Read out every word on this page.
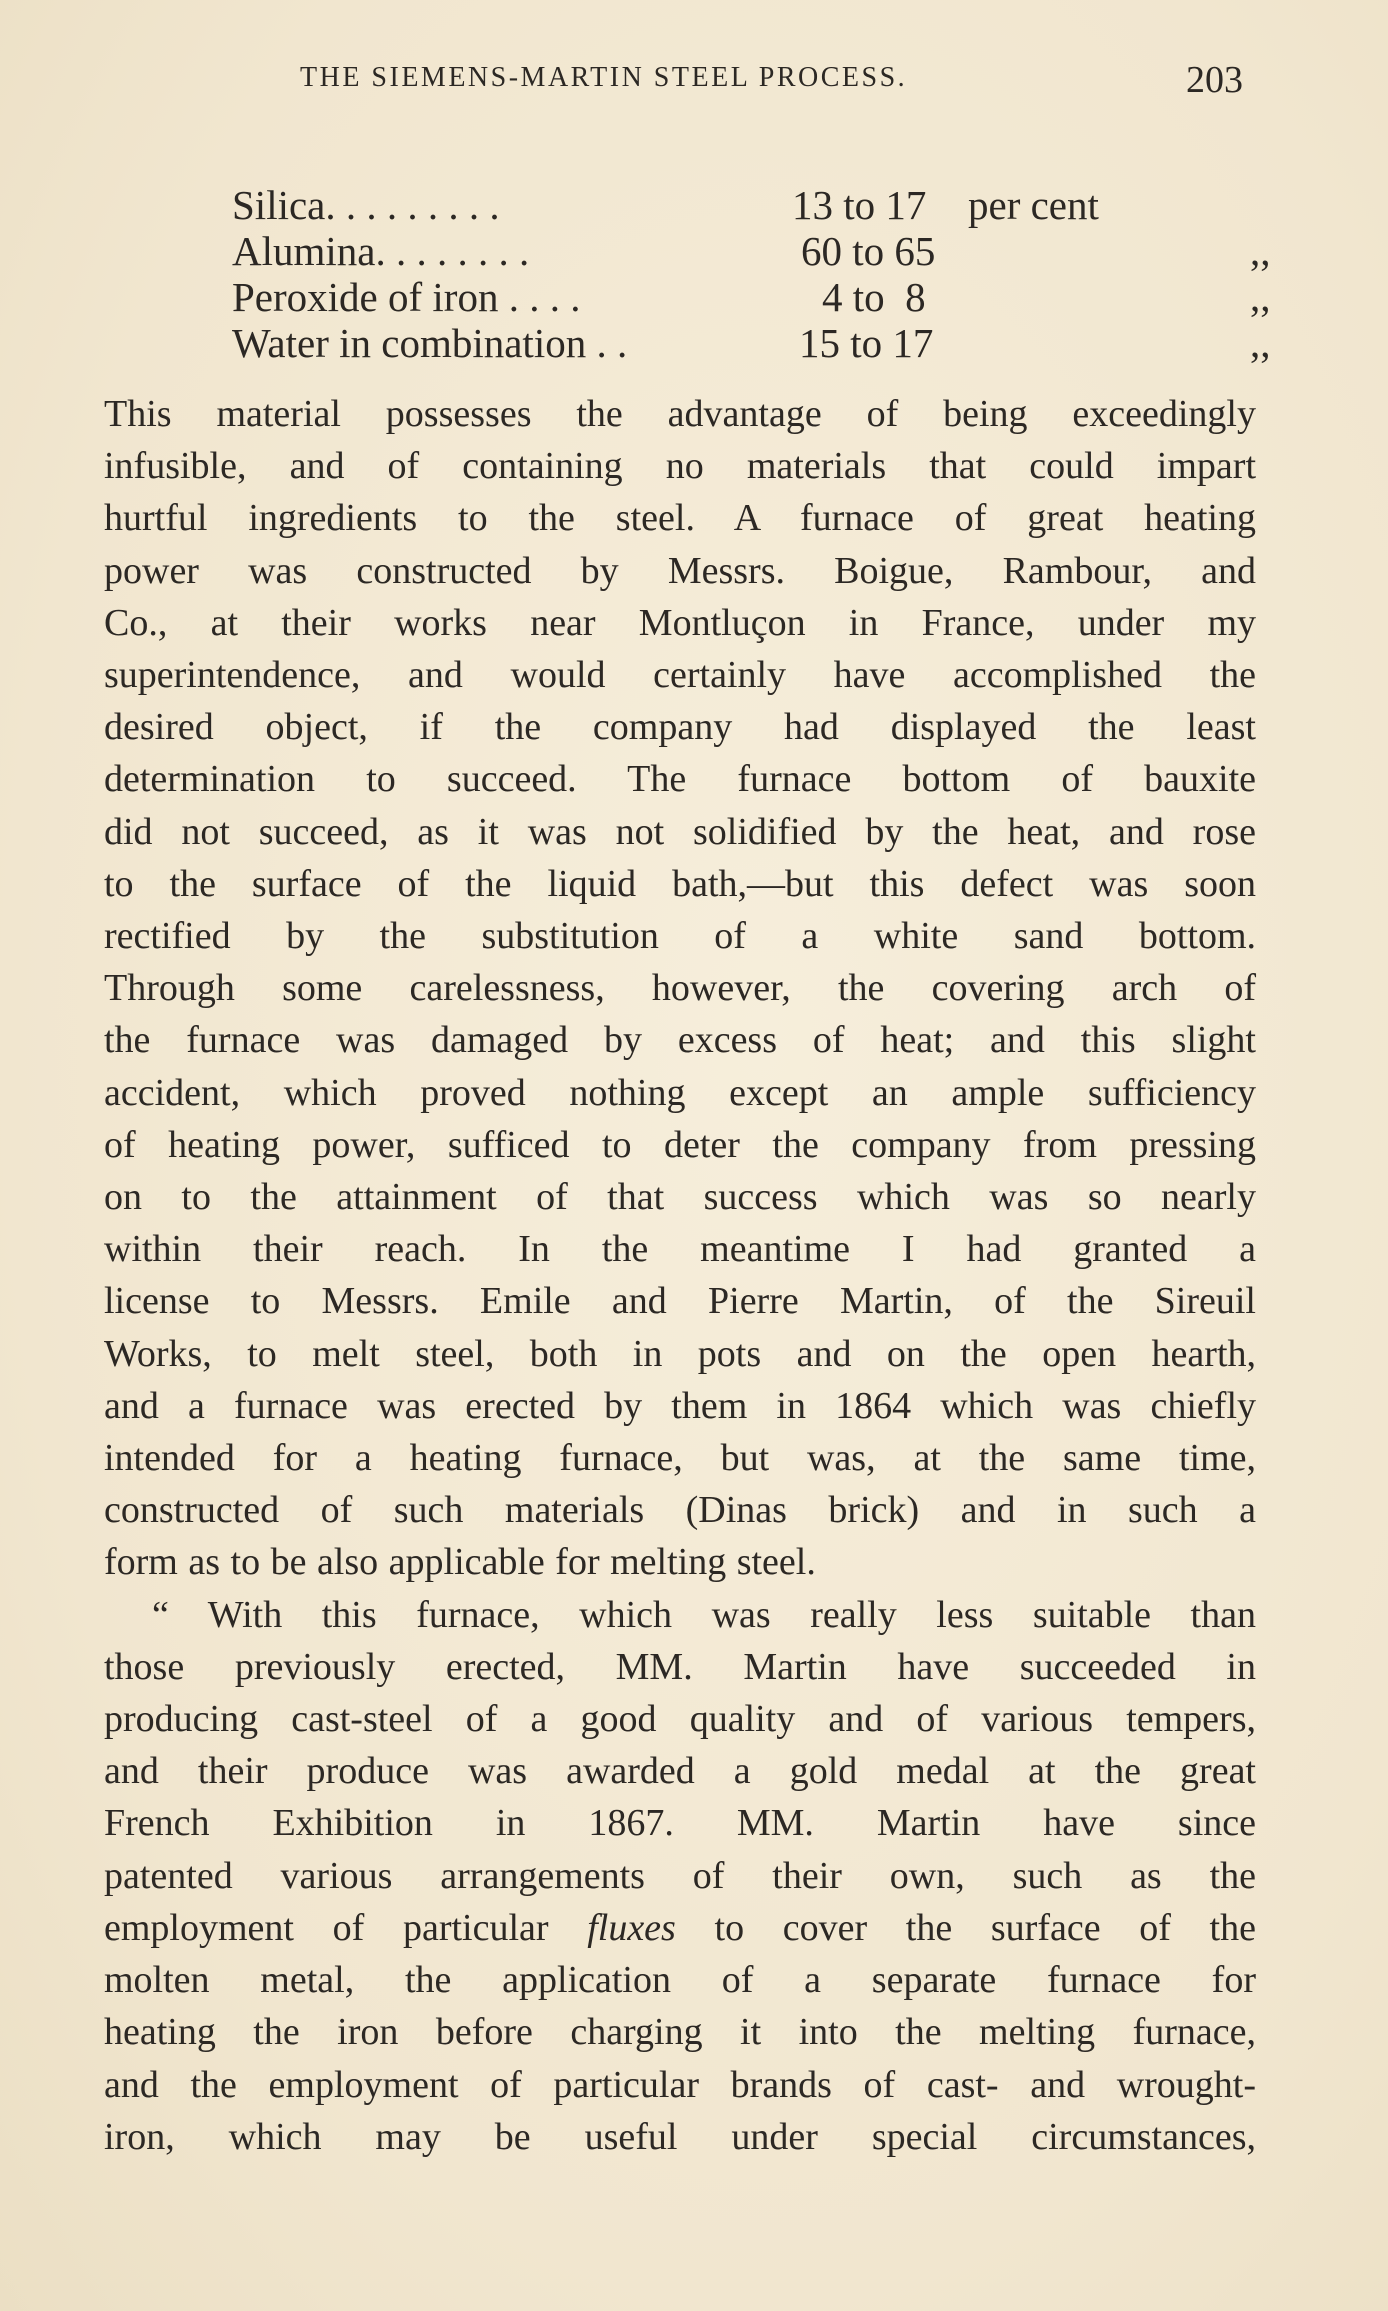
THE SIEMENS-MARTIN STEEL PROCESS.	203
Silica. . . . . . . . .	13 to 17 per cent
Alumina. . . . . . . .	60 to 65	,,
Peroxide of iron . . . .	4 to  8	,,
Water in combination . .	15 to 17	,,
This material possesses the advantage of being exceedingly
infusible, and of containing no materials that could impart
hurtful ingredients to the steel. A furnace of great heating
power was constructed by Messrs. Boigue, Rambour, and
Co., at their works near Montluçon in France, under my
superintendence, and would certainly have accomplished the
desired object, if the company had displayed the least
determination to succeed. The furnace bottom of bauxite
did not succeed, as it was not solidified by the heat, and rose
to the surface of the liquid bath,—but this defect was soon
rectified by the substitution of a white sand bottom.
Through some carelessness, however, the covering arch of
the furnace was damaged by excess of heat; and this slight
accident, which proved nothing except an ample sufficiency
of heating power, sufficed to deter the company from pressing
on to the attainment of that success which was so nearly
within their reach. In the meantime I had granted a
license to Messrs. Emile and Pierre Martin, of the Sireuil
Works, to melt steel, both in pots and on the open hearth,
and a furnace was erected by them in 1864 which was chiefly
intended for a heating furnace, but was, at the same time,
constructed of such materials (Dinas brick) and in such a
form as to be also applicable for melting steel.
“ With this furnace, which was really less suitable than
those previously erected, MM. Martin have succeeded in
producing cast-steel of a good quality and of various tempers,
and their produce was awarded a gold medal at the great
French Exhibition in 1867. MM. Martin have since
patented various arrangements of their own, such as the
employment of particular fluxes to cover the surface of the
molten metal, the application of a separate furnace for
heating the iron before charging it into the melting furnace,
and the employment of particular brands of cast- and wrought-
iron, which may be useful under special circumstances,
